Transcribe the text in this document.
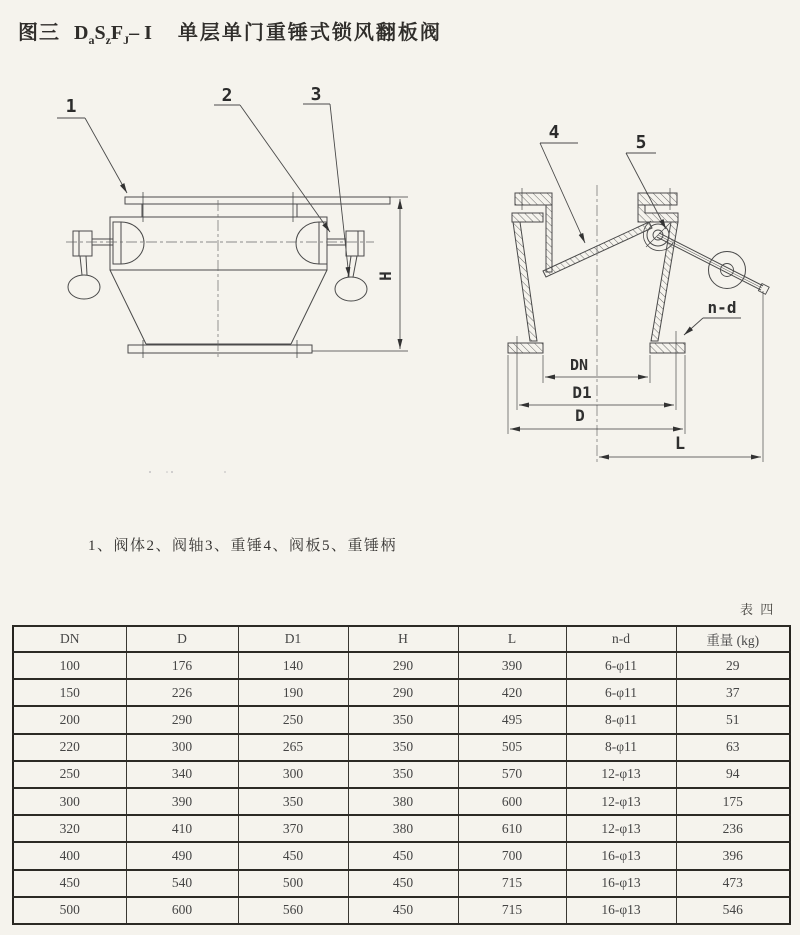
图三 $D_aS_zF_J-$ I 单层单门重锤式锁风翻板阀
H
1
2	3
4	5
DN
D1
D
L
n-d
1、阀体2、阀轴3、重锤4、阀板5、重锤柄
表 四
DN	D	D1	H	L	n-d	重量 (kg)
100	176	140	290	390	6-φ11	29
150	226	190	290	420	6-φ11	37
200	290	250	350	495	8-φ11	51
220	300	265	350	505	8-φ11	63
250	340	300	350	570	12-φ13	94
300	390	350	380	600	12-φ13	175
320	410	370	380	610	12-φ13	236
400	490	450	450	700	16-φ13	396
450	540	500	450	715	16-φ13	473
500	600	560	450	715	16-φ13	546
